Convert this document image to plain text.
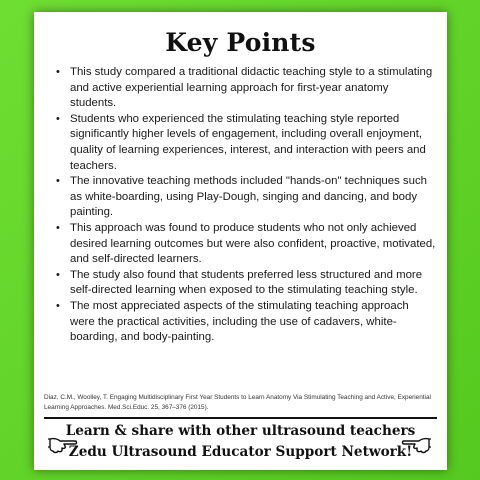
Key Points
• This study compared a traditional didactic teaching style to a stimulating and active experiential learning approach for first-year anatomy students.
• Students who experienced the stimulating teaching style reported significantly higher levels of engagement, including overall enjoyment, quality of learning experiences, interest, and interaction with peers and teachers.
• The innovative teaching methods included "hands-on" techniques such as white-boarding, using Play-Dough, singing and dancing, and body painting.
• This approach was found to produce students who not only achieved desired learning outcomes but were also confident, proactive, motivated, and self-directed learners.
• The study also found that students preferred less structured and more self-directed learning when exposed to the stimulating teaching style.
• The most appreciated aspects of the stimulating teaching approach were the practical activities, including the use of cadavers, white-boarding, and body-painting.
Diaz, C.M., Woolley, T. Engaging Multidisciplinary First Year Students to Learn Anatomy Via Stimulating Teaching and Active, Experiential Learning Approaches. Med.Sci.Educ. 25, 367–376 (2015).
Learn & share with other ultrasound teachers
Zedu Ultrasound Educator Support Network!
